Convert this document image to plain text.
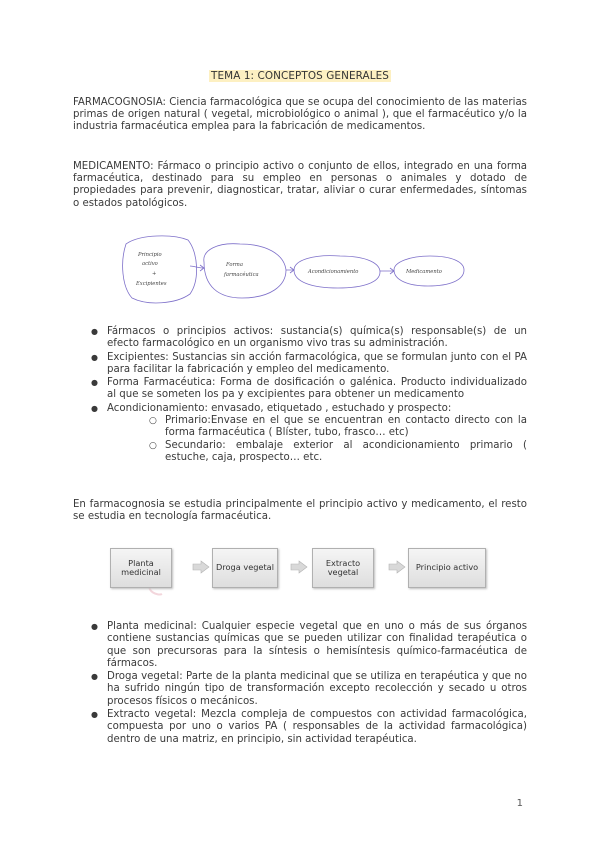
TEMA 1: CONCEPTOS GENERALES
FARMACOGNOSIA: Ciencia farmacológica que se ocupa del conocimiento de las materias primas de origen natural ( vegetal, microbiológico o animal ), que el farmacéutico y/o la industria farmacéutica emplea para la fabricación de medicamentos.
MEDICAMENTO: Fármaco o principio activo o conjunto de ellos, integrado en una forma farmacéutica, destinado para su empleo en personas o animales y dotado de propiedades para prevenir, diagnosticar, tratar, aliviar o curar enfermedades, síntomas o estados patológicos.
Principio
activo
+
Excipientes
Forma
farmacéutica	Acondicionamiento	Medicamento
● Fármacos o principios activos: sustancia(s) química(s) responsable(s) de un efecto farmacológico en un organismo vivo tras su administración.
● Excipientes: Sustancias sin acción farmacológica, que se formulan junto con el PA para facilitar la fabricación y empleo del medicamento.
● Forma Farmacéutica: Forma de dosificación o galénica. Producto individualizado al que se someten los pa y excipientes para obtener un medicamento
● Acondicionamiento: envasado, etiquetado , estuchado y prospecto:
○ Primario:Envase en el que se encuentran en contacto directo con la forma farmacéutica ( Blíster, tubo, frasco… etc)
○ Secundario: embalaje exterior al acondicionamiento primario ( estuche, caja, prospecto… etc.
En farmacognosia se estudia principalmente el principio activo y medicamento, el resto se estudia en tecnología farmacéutica.
Planta
medicinal	Droga vegetal	Extracto
vegetal	Principio activo
● Planta medicinal: Cualquier especie vegetal que en uno o más de sus órganos contiene sustancias químicas que se pueden utilizar con finalidad terapéutica o que son precursoras para la síntesis o hemisíntesis químico-farmacéutica de fármacos.
● Droga vegetal: Parte de la planta medicinal que se utiliza en terapéutica y que no ha sufrido ningún tipo de transformación excepto recolección y secado u otros procesos físicos o mecánicos.
● Extracto vegetal: Mezcla compleja de compuestos con actividad farmacológica, compuesta por uno o varios PA ( responsables de la actividad farmacológica) dentro de una matriz, en principio, sin actividad terapéutica.
1
